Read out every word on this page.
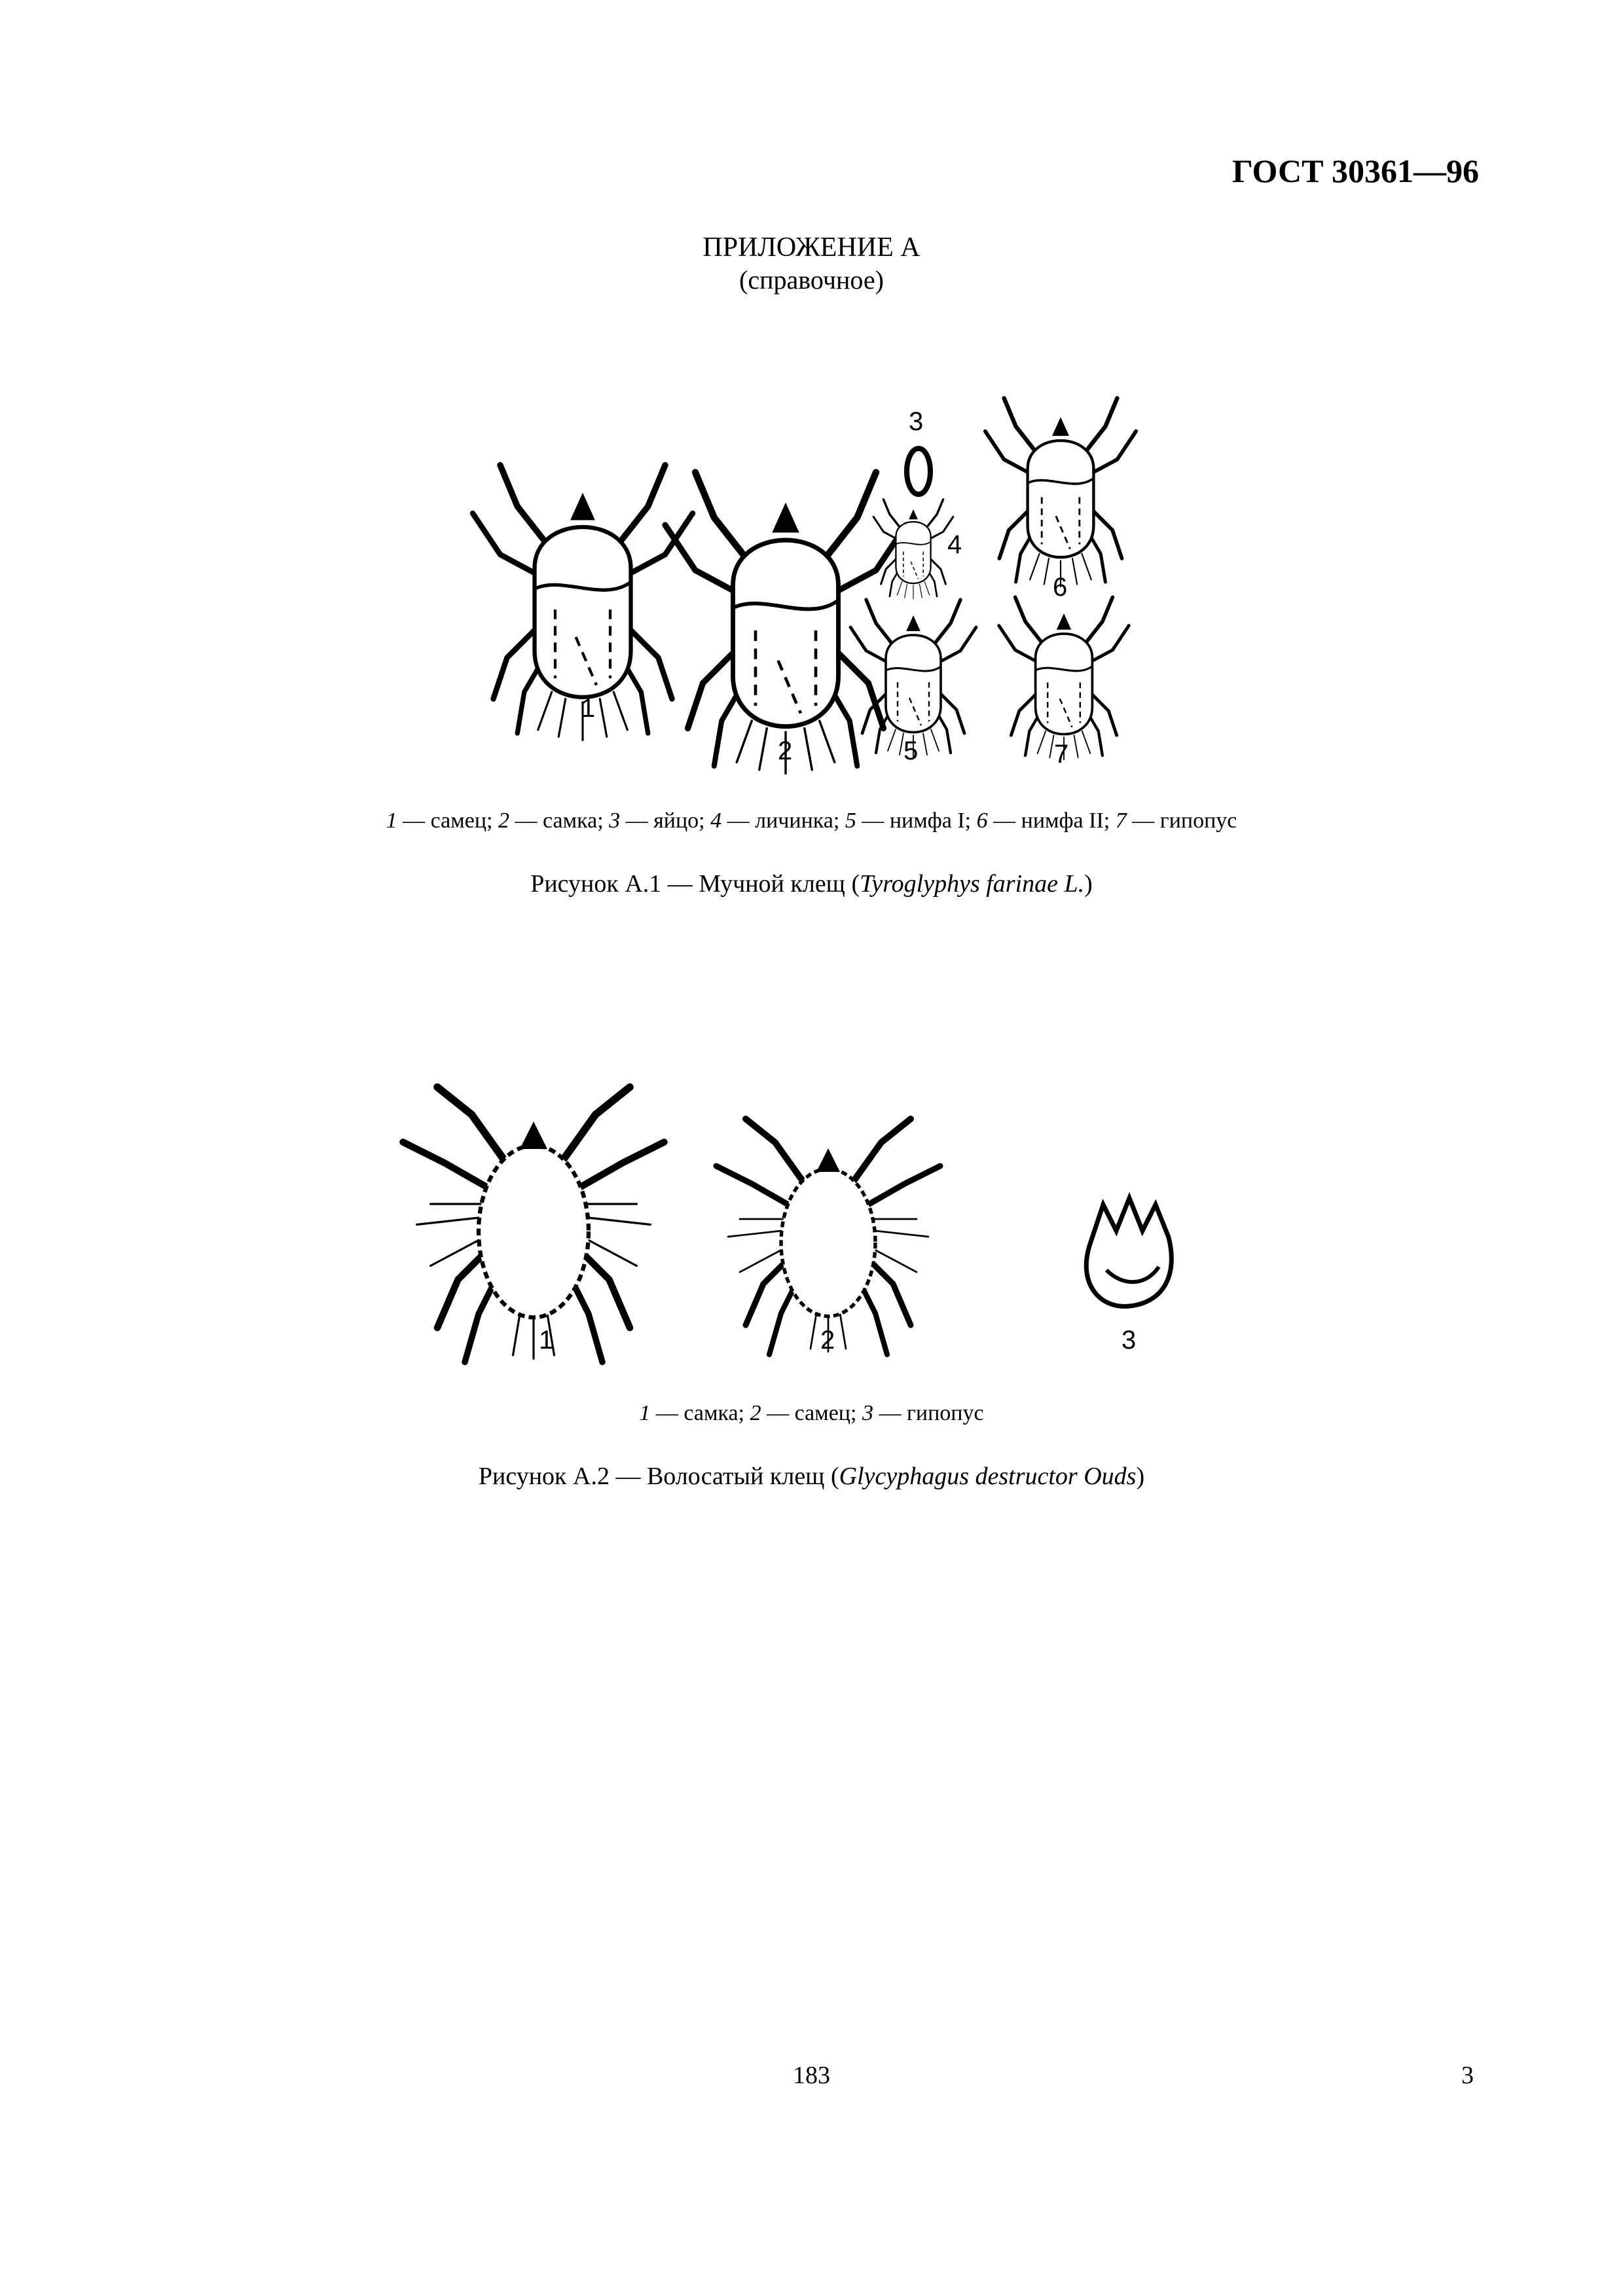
ГОСТ 30361—96
ПРИЛОЖЕНИЕ А
(справочное)
1
2
3
4
5
6
7
1 — самец; 2 — самка; 3 — яйцо; 4 — личинка; 5 — нимфа I; 6 — нимфа II; 7 — гипопус
Рисунок А.1 — Мучной клещ (Tyroglyphys farinae L.)
1	2	3
1 — самка; 2 — самец; 3 — гипопус
Рисунок А.2 — Волосатый клещ (Glycyphagus destructor Ouds)
183	3
